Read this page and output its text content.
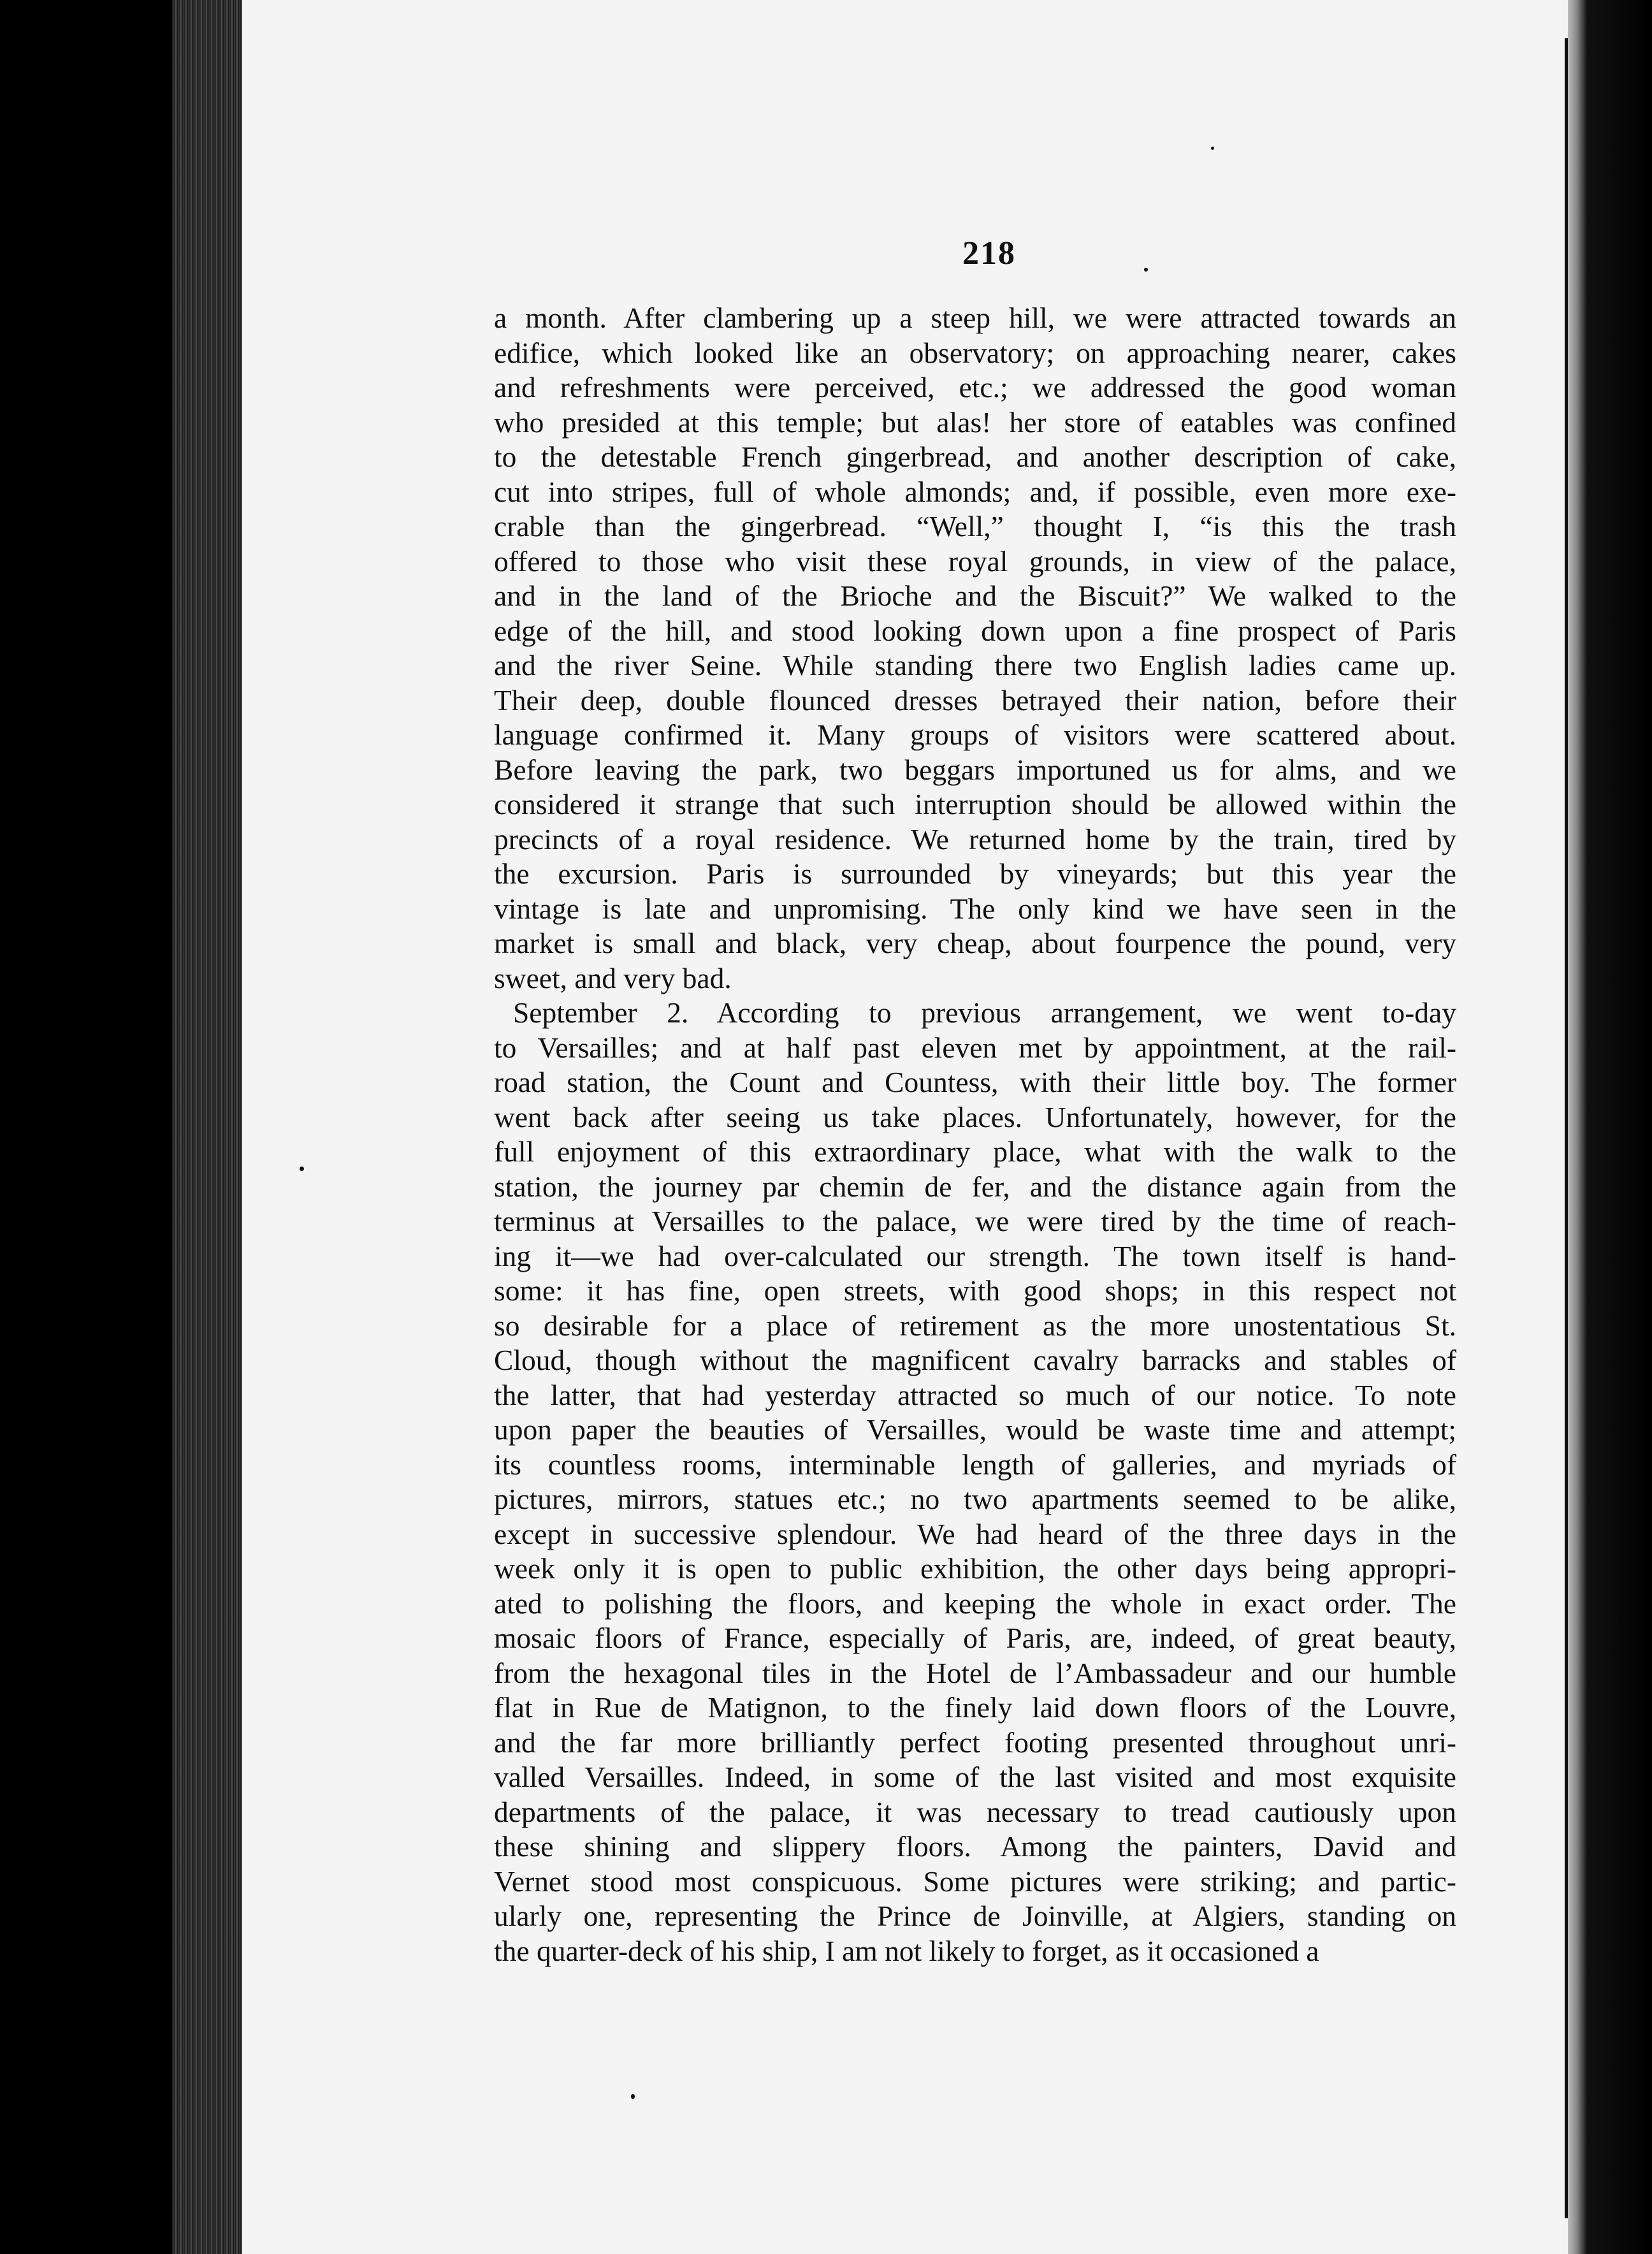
218

a month. After clambering up a steep hill, we were attracted towards an

edifice, which looked like an observatory; on approaching nearer, cakes

and refreshments were perceived, etc.; we addressed the good woman

who presided at this temple; but alas! her store of eatables was confined

to the detestable French gingerbread, and another description of cake,

cut into stripes, full of whole almonds; and, if possible, even more exe-

crable than the gingerbread. “Well,” thought I, “is this the trash

offered to those who visit these royal grounds, in view of the palace,

and in the land of the Brioche and the Biscuit?” We walked to the

edge of the hill, and stood looking down upon a fine prospect of Paris

and the river Seine. While standing there two English ladies came up.

Their deep, double flounced dresses betrayed their nation, before their

language confirmed it. Many groups of visitors were scattered about.

Before leaving the park, two beggars importuned us for alms, and we

considered it strange that such interruption should be allowed within the

precincts of a royal residence. We returned home by the train, tired by

the excursion. Paris is surrounded by vineyards; but this year the

vintage is late and unpromising. The only kind we have seen in the

market is small and black, very cheap, about fourpence the pound, very

sweet, and very bad.

September 2. According to previous arrangement, we went to-day

to Versailles; and at half past eleven met by appointment, at the rail-

road station, the Count and Countess, with their little boy. The former

went back after seeing us take places. Unfortunately, however, for the

full enjoyment of this extraordinary place, what with the walk to the

station, the journey par chemin de fer, and the distance again from the

terminus at Versailles to the palace, we were tired by the time of reach-

ing it—we had over-calculated our strength. The town itself is hand-

some: it has fine, open streets, with good shops; in this respect not

so desirable for a place of retirement as the more unostentatious St.

Cloud, though without the magnificent cavalry barracks and stables of

the latter, that had yesterday attracted so much of our notice. To note

upon paper the beauties of Versailles, would be waste time and attempt;

its countless rooms, interminable length of galleries, and myriads of

pictures, mirrors, statues etc.; no two apartments seemed to be alike,

except in successive splendour. We had heard of the three days in the

week only it is open to public exhibition, the other days being appropri-

ated to polishing the floors, and keeping the whole in exact order. The

mosaic floors of France, especially of Paris, are, indeed, of great beauty,

from the hexagonal tiles in the Hotel de l’Ambassadeur and our humble

flat in Rue de Matignon, to the finely laid down floors of the Louvre,

and the far more brilliantly perfect footing presented throughout unri-

valled Versailles. Indeed, in some of the last visited and most exquisite

departments of the palace, it was necessary to tread cautiously upon

these shining and slippery floors. Among the painters, David and

Vernet stood most conspicuous. Some pictures were striking; and partic-

ularly one, representing the Prince de Joinville, at Algiers, standing on

the quarter-deck of his ship, I am not likely to forget, as it occasioned a
